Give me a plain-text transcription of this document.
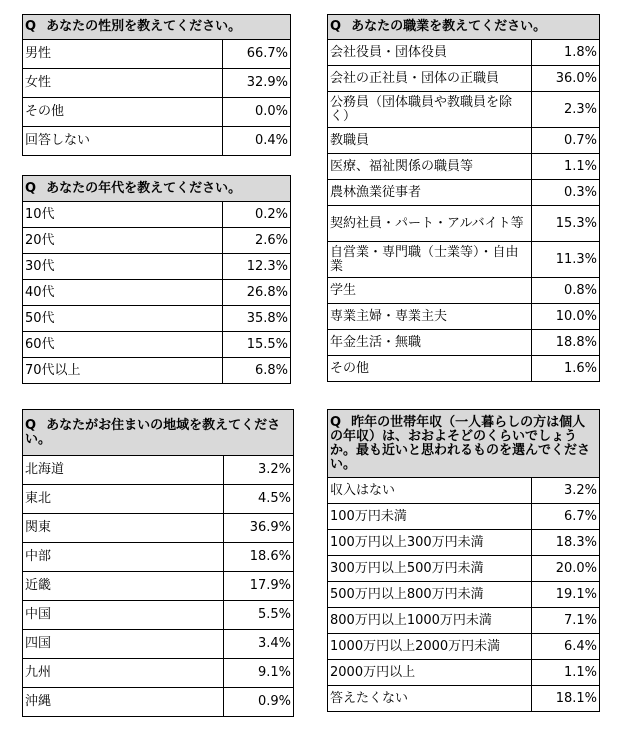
Q あなたの性別を教えてください。	
男性	66.7%
女性	32.9%
その他	0.0%
回答しない	0.4%
Q あなたの年代を教えてください。	
10代	0.2%
20代	2.6%
30代	12.3%
40代	26.8%
50代	35.8%
60代	15.5%
70代以上	6.8%
Q あなたの職業を教えてください。	
会社役員・団体役員	1.8%
会社の正社員・団体の正職員	36.0%
公務員（団体職員や教職員を除く）	2.3%
教職員	0.7%
医療、福祉関係の職員等	1.1%
農林漁業従事者	0.3%
契約社員・パート・アルバイト等	15.3%
自営業・専門職（士業等）・自由業	11.3%
学生	0.8%
専業主婦・専業主夫	10.0%
年金生活・無職	18.8%
その他	1.6%
Q あなたがお住まいの地域を教えてください。	
北海道	3.2%
東北	4.5%
関東	36.9%
中部	18.6%
近畿	17.9%
中国	5.5%
四国	3.4%
九州	9.1%
沖縄	0.9%
Q 昨年の世帯年収（一人暮らしの方は個人の年収）は、おおよそどのくらいでしょうか。最も近いと思われるものを選んでください。	
収入はない	3.2%
100万円未満	6.7%
100万円以上300万円未満	18.3%
300万円以上500万円未満	20.0%
500万円以上800万円未満	19.1%
800万円以上1000万円未満	7.1%
1000万円以上2000万円未満	6.4%
2000万円以上	1.1%
答えたくない	18.1%
